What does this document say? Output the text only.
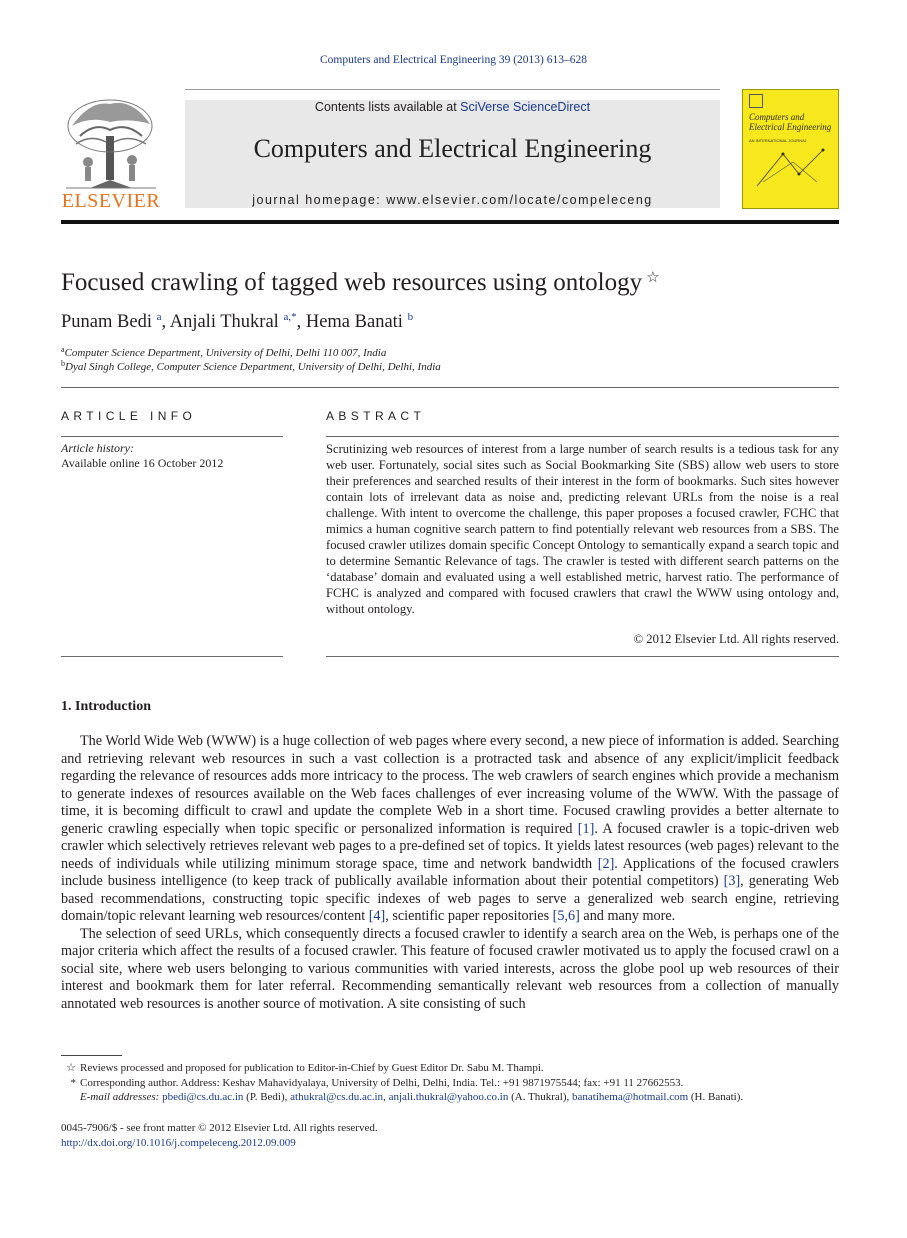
Computers and Electrical Engineering 39 (2013) 613–628
ELSEVIER
Contents lists available at SciVerse ScienceDirect
Computers and Electrical Engineering
journal homepage: www.elsevier.com/locate/compeleceng
Computers and
Electrical Engineering
AN INTERNATIONAL JOURNAL
Focused crawling of tagged web resources using ontology ☆
Punam Bedi $^a$, Anjali Thukral $^{a,*}$, Hema Banati $^b$
$^a$Computer Science Department, University of Delhi, Delhi 110 007, India
$^b$Dyal Singh College, Computer Science Department, University of Delhi, Delhi, India
ARTICLE INFO
Article history:
Available online 16 October 2012
ABSTRACT
Scrutinizing web resources of interest from a large number of search results is a tedious task for any web user. Fortunately, social sites such as Social Bookmarking Site (SBS) allow web users to store their preferences and searched results of their interest in the form of bookmarks. Such sites however contain lots of irrelevant data as noise and, predicting relevant URLs from the noise is a real challenge. With intent to overcome the challenge, this paper proposes a focused crawler, FCHC that mimics a human cognitive search pattern to find potentially relevant web resources from a SBS. The focused crawler utilizes domain specific Concept Ontology to semantically expand a search topic and to determine Semantic Relevance of tags. The crawler is tested with different search patterns on the ‘database’ domain and evaluated using a well established metric, harvest ratio. The performance of FCHC is analyzed and compared with focused crawlers that crawl the WWW using ontology and, without ontology.
© 2012 Elsevier Ltd. All rights reserved.
1. Introduction

The World Wide Web (WWW) is a huge collection of web pages where every second, a new piece of information is added. Searching and retrieving relevant web resources in such a vast collection is a protracted task and absence of any explicit/implicit feedback regarding the relevance of resources adds more intricacy to the process. The web crawlers of search engines which provide a mechanism to generate indexes of resources available on the Web faces challenges of ever increasing volume of the WWW. With the passage of time, it is becoming difficult to crawl and update the complete Web in a short time. Focused crawling provides a better alternate to generic crawling especially when topic specific or personalized information is required [1]. A focused crawler is a topic-driven web crawler which selectively retrieves relevant web pages to a pre-defined set of topics. It yields latest resources (web pages) relevant to the needs of individuals while utilizing minimum storage space, time and network bandwidth [2]. Applications of the focused crawlers include business intelligence (to keep track of publically available information about their potential competitors) [3], generating Web based recommendations, constructing topic specific indexes of web pages to serve a generalized web search engine, retrieving domain/topic relevant learning web resources/content [4], scientific paper repositories [5,6] and many more.

The selection of seed URLs, which consequently directs a focused crawler to identify a search area on the Web, is perhaps one of the major criteria which affect the results of a focused crawler. This feature of focused crawler motivated us to apply the focused crawl on a social site, where web users belonging to various communities with varied interests, across the globe pool up web resources of their interest and bookmark them for later referral. Recommending semantically relevant web resources from a collection of manually annotated web resources is another source of motivation. A site consisting of such

☆ Reviews processed and proposed for publication to Editor-in-Chief by Guest Editor Dr. Sabu M. Thampi.
* Corresponding author. Address: Keshav Mahavidyalaya, University of Delhi, Delhi, India. Tel.: +91 9871975544; fax: +91 11 27662553.
E-mail addresses: pbedi@cs.du.ac.in (P. Bedi), athukral@cs.du.ac.in, anjali.thukral@yahoo.co.in (A. Thukral), banatihema@hotmail.com (H. Banati).
0045-7906/$ - see front matter © 2012 Elsevier Ltd. All rights reserved.
http://dx.doi.org/10.1016/j.compeleceng.2012.09.009
